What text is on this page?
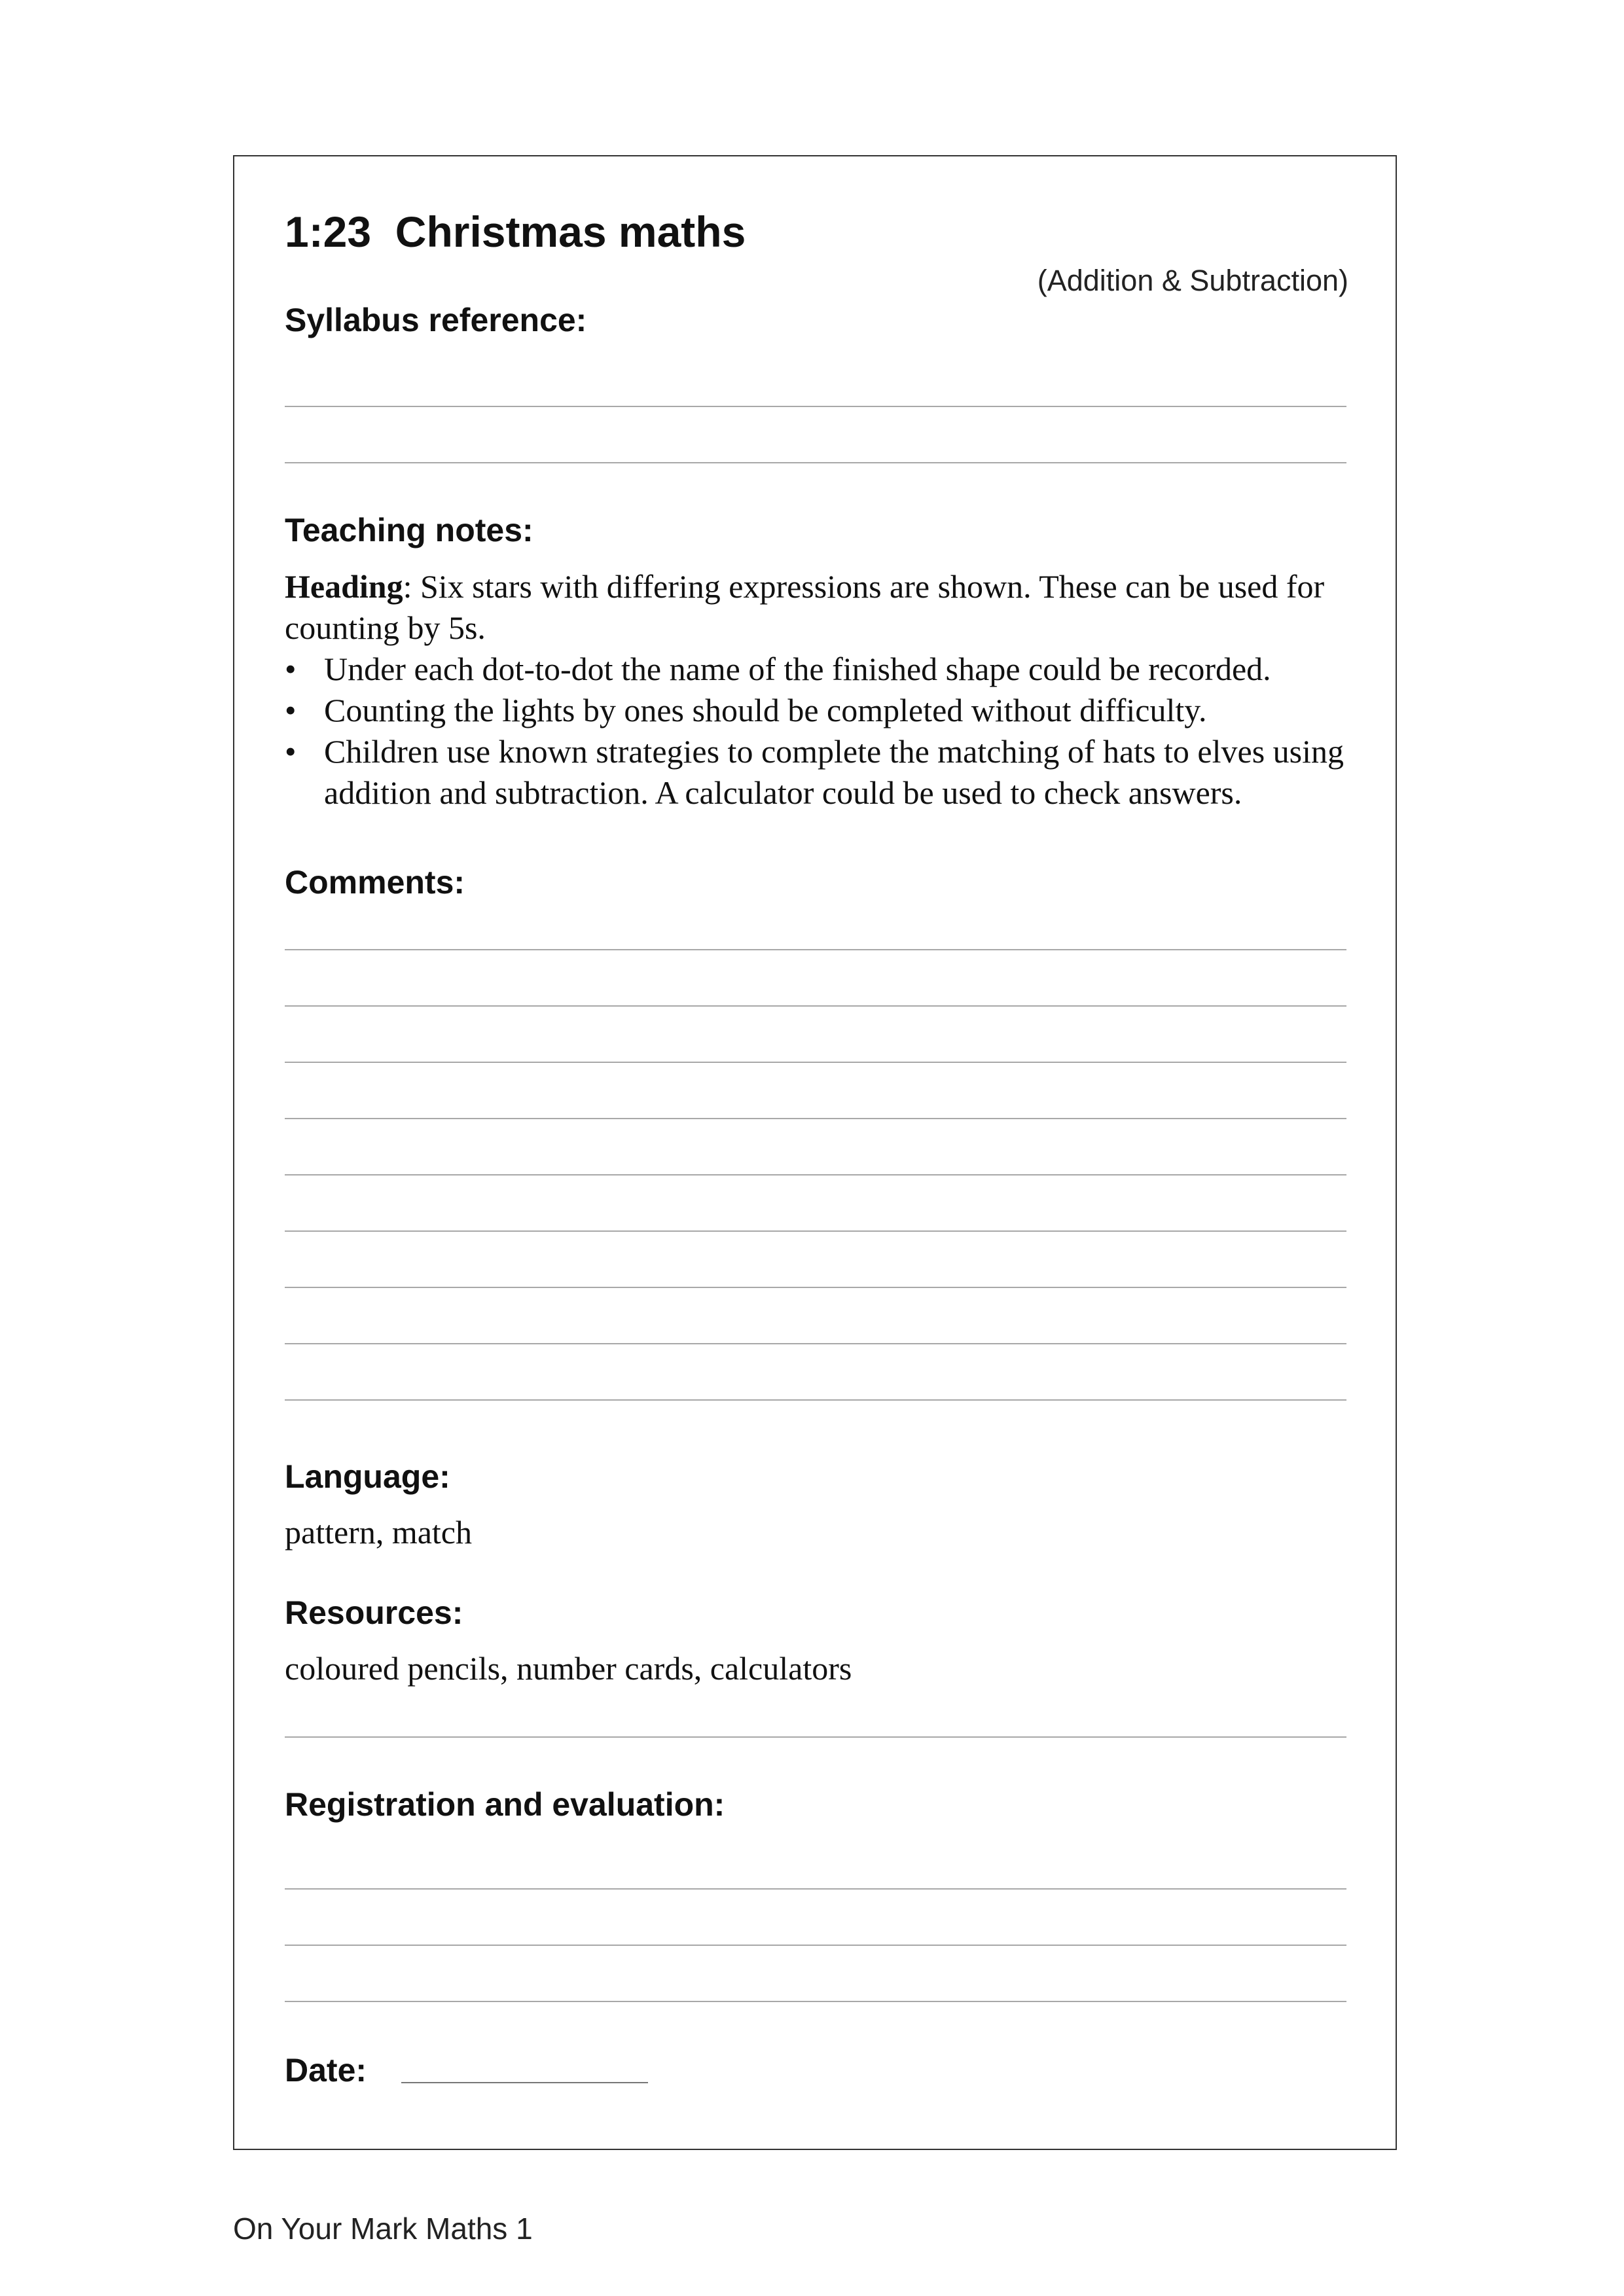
1:23 Christmas maths
(Addition & Subtraction)
Syllabus reference:
Teaching notes:

Heading: Six stars with differing expressions are shown. These can be used for counting by 5s.

• Under each dot-to-dot the name of the finished shape could be recorded.
• Counting the lights by ones should be completed without difficulty.
• Children use known strategies to complete the matching of hats to elves using addition and subtraction. A calculator could be used to check answers.
Comments:
Language:
pattern, match
Resources:
coloured pencils, number cards, calculators
Registration and evaluation:
Date:
On Your Mark Maths 1
